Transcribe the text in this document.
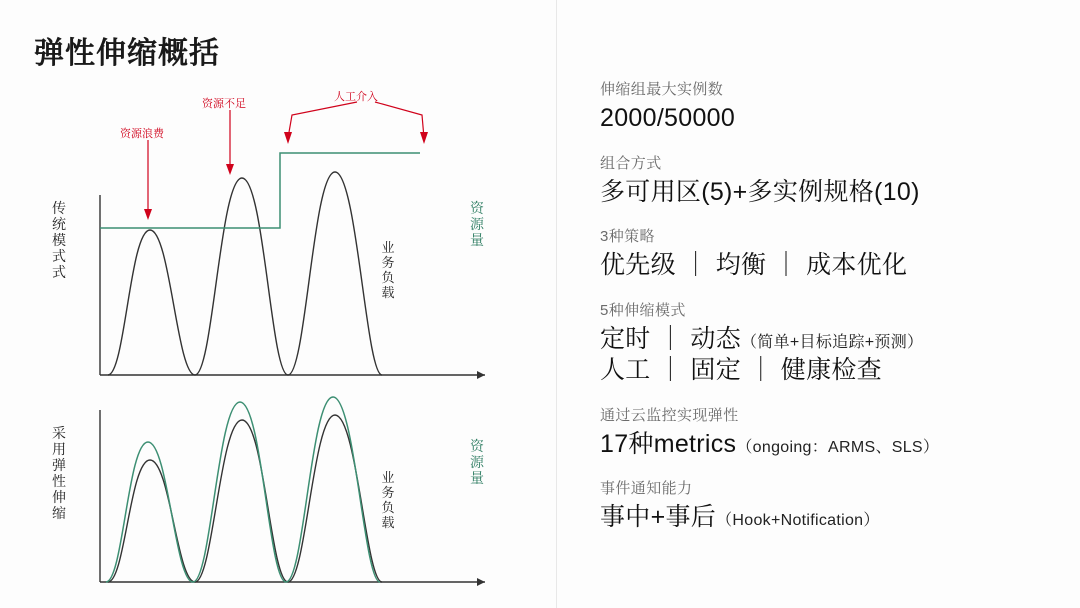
弹性伸缩概括
传统模式式
资源量
业务负载
采用弹性伸缩
资源量
业务负载
资源浪费
资源不足
人工介入	伸缩组最大实例数
2000/50000
组合方式
多可用区(5)+多实例规格(10)
3种策略
优先级 ｜ 均衡 ｜ 成本优化
5种伸缩模式
定时 ｜ 动态（简单+目标追踪+预测）
人工 ｜ 固定 ｜ 健康检查
通过云监控实现弹性
17种metrics（ongoing：ARMS、SLS）
事件通知能力
事中+事后（Hook+Notification）
